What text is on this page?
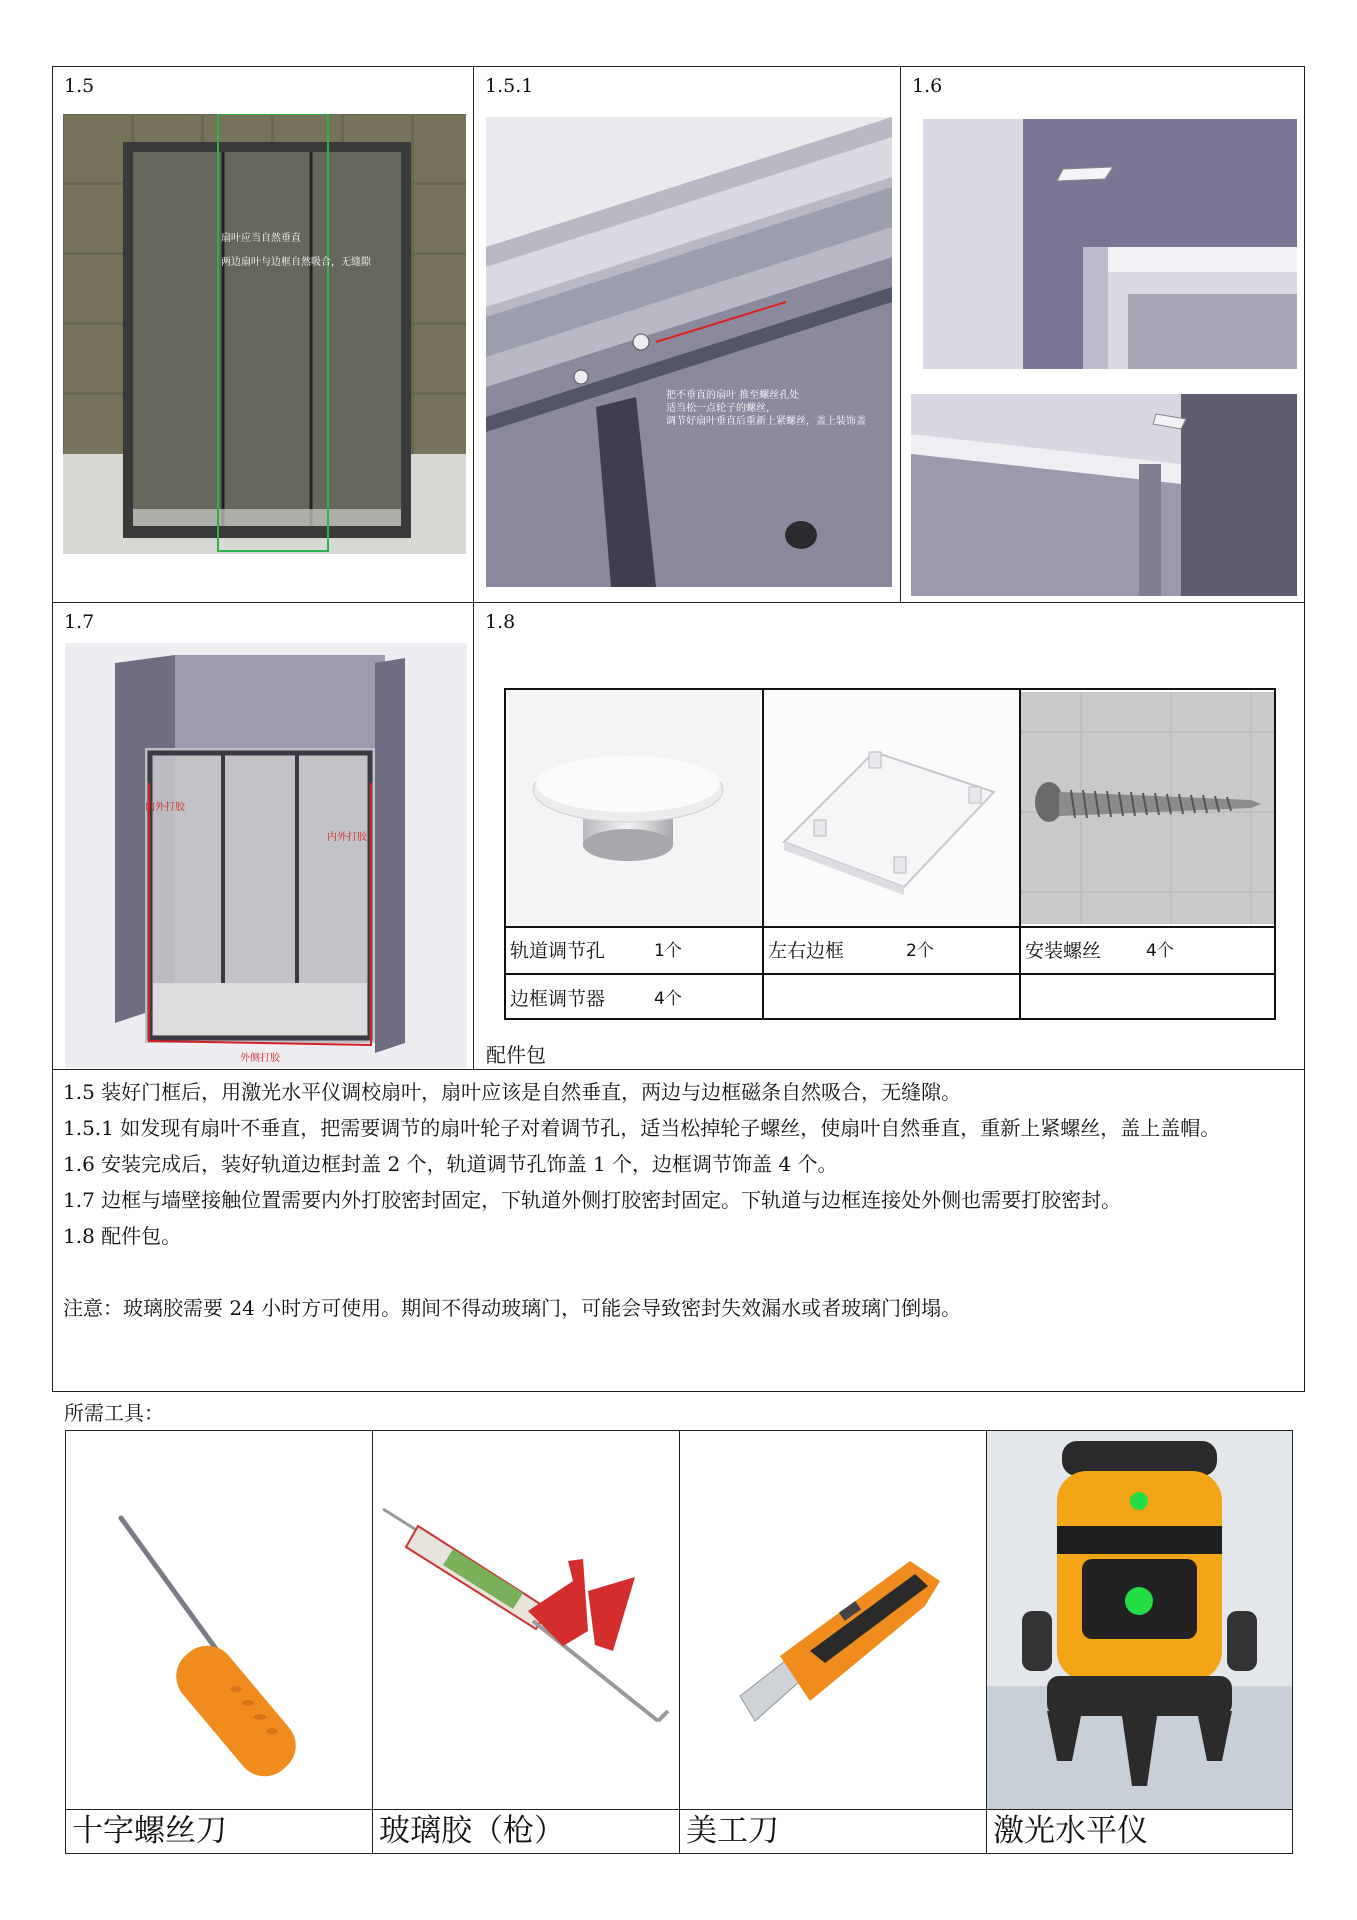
1.5
扇叶应当自然垂直
两边扇叶与边框自然吸合，无缝隙
1.5.1
把不垂直的扇叶 推至螺丝孔处
适当松一点轮子的螺丝，
调节好扇叶垂直后重新上紧螺丝，盖上装饰盖
1.6
1.7
内外打胶
内外打胶
外侧打胶
1.8
轨道调节孔	1个	左右边框	2个	安装螺丝	4个
边框调节器	4个
配件包
1.5 装好门框后，用激光水平仪调校扇叶，扇叶应该是自然垂直，两边与边框磁条自然吸合，无缝隙。
1.5.1 如发现有扇叶不垂直，把需要调节的扇叶轮子对着调节孔，适当松掉轮子螺丝，使扇叶自然垂直，重新上紧螺丝，盖上盖帽。
1.6 安装完成后，装好轨道边框封盖 2 个，轨道调节孔饰盖 1 个，边框调节饰盖 4 个。
1.7 边框与墙壁接触位置需要内外打胶密封固定，下轨道外侧打胶密封固定。下轨道与边框连接处外侧也需要打胶密封。
1.8 配件包。
注意：玻璃胶需要 24 小时方可使用。期间不得动玻璃门，可能会导致密封失效漏水或者玻璃门倒塌。
所需工具：
十字螺丝刀	玻璃胶（枪）	美工刀	激光水平仪
